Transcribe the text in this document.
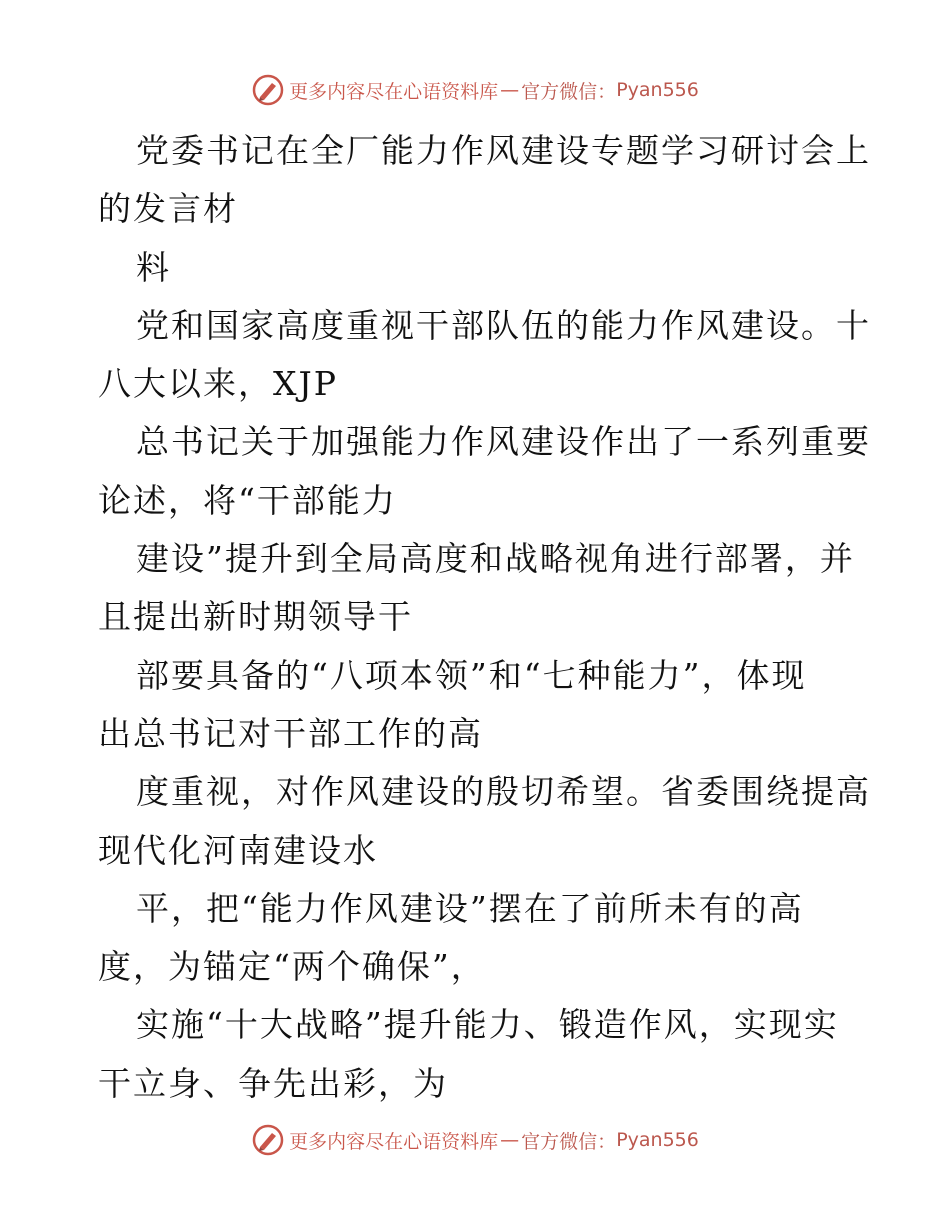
更多内容尽在心语资料库 — 官方微信： Pyan556
党委书记在全厂能力作风建设专题学习研讨会上
的发言材
料
党和国家高度重视干部队伍的能力作风建设。十
八大以来，XJP
总书记关于加强能力作风建设作出了一系列重要
论述，将“干部能力
建设”提升到全局高度和战略视角进行部署，并
且提出新时期领导干
部要具备的“八项本领”和“七种能力”，体现
出总书记对干部工作的高
度重视，对作风建设的殷切希望。省委围绕提高
现代化河南建设水
平，把“能力作风建设”摆在了前所未有的高
度，为锚定“两个确保”，
实施“十大战略”提升能力、锻造作风，实现实
干立身、争先出彩，为
更多内容尽在心语资料库 — 官方微信： Pyan556
